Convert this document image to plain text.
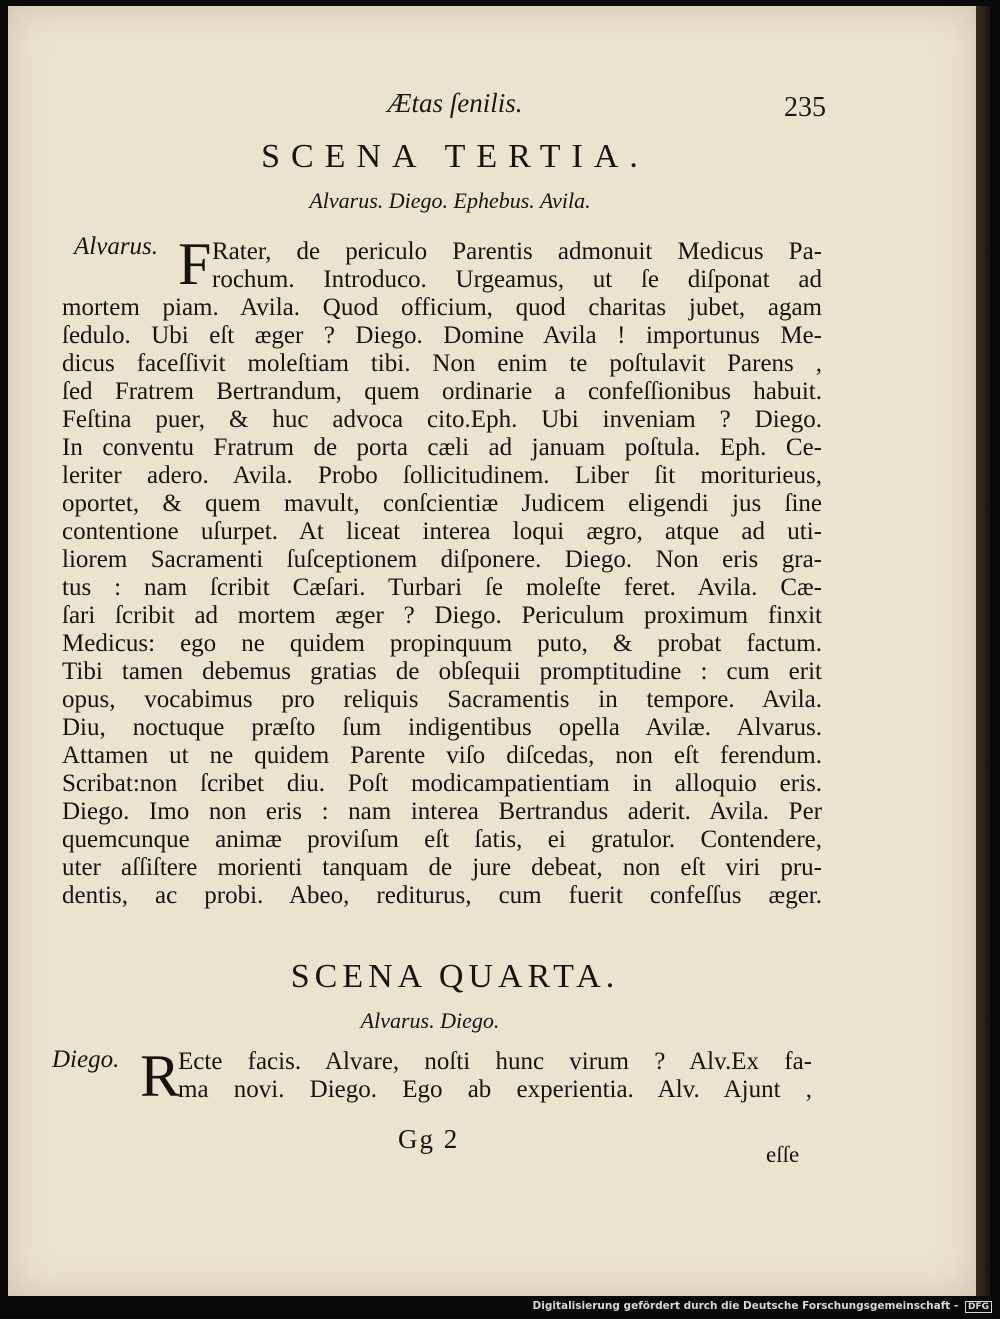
Ætas ſenilis.	235
SCENA TERTIA.
Alvarus. Diego. Ephebus. Avila.
Alvarus. F Rater, de periculo Parentis admonuit Medicus Pa-
rochum. Introduco. Urgeamus, ut ſe diſponat ad
mortem piam. Avila. Quod officium, quod charitas jubet, agam
ſedulo. Ubi eſt æger ? Diego. Domine Avila ! importunus Me-
dicus faceſſivit moleſtiam tibi. Non enim te poſtulavit Parens ,
ſed Fratrem Bertrandum, quem ordinarie a confeſſionibus habuit.
Feſtina puer, & huc advoca cito.Eph. Ubi inveniam ? Diego.
In conventu Fratrum de porta cæli ad januam poſtula. Eph. Ce-
leriter adero. Avila. Probo ſollicitudinem. Liber ſit moriturieus,
oportet, & quem mavult, conſcientiæ Judicem eligendi jus ſine
contentione uſurpet. At liceat interea loqui ægro, atque ad uti-
liorem Sacramenti ſuſceptionem diſponere. Diego. Non eris gra-
tus : nam ſcribit Cæſari. Turbari ſe moleſte feret. Avila. Cæ-
ſari ſcribit ad mortem æger ? Diego. Periculum proximum finxit
Medicus: ego ne quidem propinquum puto, & probat factum.
Tibi tamen debemus gratias de obſequii promptitudine : cum erit
opus, vocabimus pro reliquis Sacramentis in tempore. Avila.
Diu, noctuque præſto ſum indigentibus opella Avilæ. Alvarus.
Attamen ut ne quidem Parente viſo diſcedas, non eſt ferendum.
Scribat:non ſcribet diu. Poſt modicampatientiam in alloquio eris.
Diego. Imo non eris : nam interea Bertrandus aderit. Avila. Per
quemcunque animæ proviſum eſt ſatis, ei gratulor. Contendere,
uter aſſiſtere morienti tanquam de jure debeat, non eſt viri pru-
dentis, ac probi. Abeo, rediturus, cum fuerit confeſſus æger.
SCENA QUARTA.
Alvarus. Diego.
Diego. R
Ecte facis. Alvare, noſti hunc virum ? Alv.Ex fa-
ma novi. Diego. Ego ab experientia. Alv. Ajunt ,
Gg 2
eſſe
Digitalisierung gefördert durch die Deutsche Forschungsgemeinschaft - DFG
